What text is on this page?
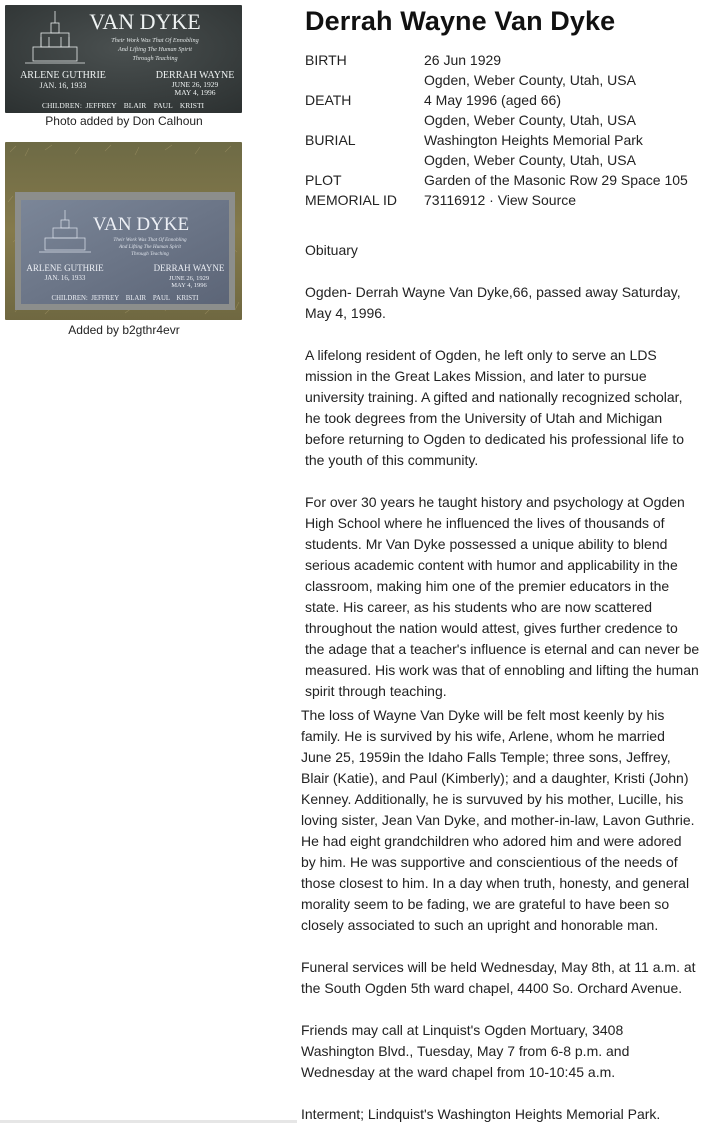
VAN DYKE
Their Work Was That Of Ennobling
And Lifting The Human Spirit
Through Teaching
ARLENE GUTHRIE
JAN. 16, 1933
DERRAH WAYNE
JUNE 26, 1929
MAY 4, 1996
CHILDREN:  JEFFREY    BLAIR    PAUL    KRISTI
Photo added by Don Calhoun
VAN DYKE
Their Work Was That Of Ennobling
And Lifting The Human Spirit
Through Teaching
ARLENE GUTHRIE
JAN. 16, 1933
DERRAH WAYNE
JUNE 26, 1929
MAY 4, 1996
CHILDREN:  JEFFREY    BLAIR    PAUL    KRISTI
Added by b2gthr4evr
Derrah Wayne Van Dyke
BIRTH	26 Jun 1929
Ogden, Weber County, Utah, USA
DEATH	4 May 1996 (aged 66)
Ogden, Weber County, Utah, USA
BURIAL	Washington Heights Memorial Park
Ogden, Weber County, Utah, USA
PLOT	Garden of the Masonic Row 29 Space 105
MEMORIAL ID 73116912 · View Source

Obituary

Ogden- Derrah Wayne Van Dyke,66, passed away Saturday, May 4, 1996.

A lifelong resident of Ogden, he left only to serve an LDS mission in the Great Lakes Mission, and later to pursue university training. A gifted and nationally recognized scholar, he took degrees from the University of Utah and Michigan before returning to Ogden to dedicated his professional life to the youth of this community.

For over 30 years he taught history and psychology at Ogden High School where he influenced the lives of thousands of students. Mr Van Dyke possessed a unique ability to blend serious academic content with humor and applicability in the classroom, making him one of the premier educators in the state. His career, as his students who are now scattered throughout the nation would attest, gives further credence to the adage that a teacher's influence is eternal and can never be measured. His work was that of ennobling and lifting the human spirit through teaching.

The loss of Wayne Van Dyke will be felt most keenly by his family. He is survived by his wife, Arlene, whom he married June 25, 1959in the Idaho Falls Temple; three sons, Jeffrey, Blair (Katie), and Paul (Kimberly); and a daughter, Kristi (John) Kenney. Additionally, he is survuved by his mother, Lucille, his loving sister, Jean Van Dyke, and mother-in-law, Lavon Guthrie. He had eight grandchildren who adored him and were adored by him. He was supportive and conscientious of the needs of those closest to him. In a day when truth, honesty, and general morality seem to be fading, we are grateful to have been so closely associated to such an upright and honorable man.

Funeral services will be held Wednesday, May 8th, at 11 a.m. at the South Ogden 5th ward chapel, 4400 So. Orchard Avenue.

Friends may call at Linquist's Ogden Mortuary, 3408 Washington Blvd., Tuesday, May 7 from 6-8 p.m. and Wednesday at the ward chapel from 10-10:45 a.m.

Interment; Lindquist's Washington Heights Memorial Park.
